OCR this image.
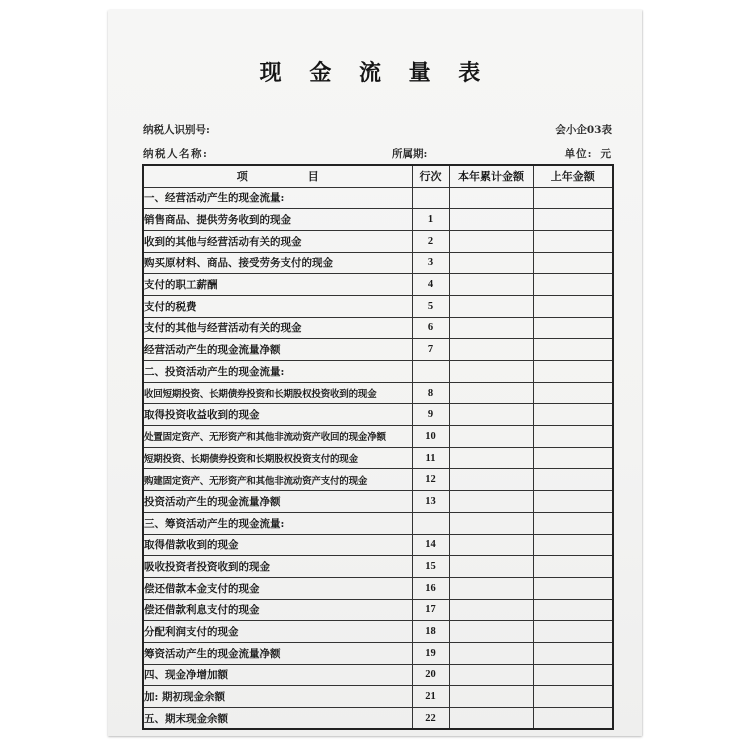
现 金 流 量 表
纳税人识别号:	会小企03表
纳税人名称:	所属期:	单位: 元
项 目	行次	本年累计金额	上年金额
一、经营活动产生的现金流量:			
销售商品、提供劳务收到的现金	1		
收到的其他与经营活动有关的现金	2		
购买原材料、商品、接受劳务支付的现金	3		
支付的职工薪酬	4		
支付的税费	5		
支付的其他与经营活动有关的现金	6		
经营活动产生的现金流量净额	7		
二、投资活动产生的现金流量:			
收回短期投资、长期债券投资和长期股权投资收到的现金	8		
取得投资收益收到的现金	9		
处置固定资产、无形资产和其他非流动资产收回的现金净额	10		
短期投资、长期债券投资和长期股权投资支付的现金	11		
购建固定资产、无形资产和其他非流动资产支付的现金	12		
投资活动产生的现金流量净额	13		
三、筹资活动产生的现金流量:			
取得借款收到的现金	14		
吸收投资者投资收到的现金	15		
偿还借款本金支付的现金	16		
偿还借款利息支付的现金	17		
分配利润支付的现金	18		
筹资活动产生的现金流量净额	19		
四、现金净增加额	20		
加: 期初现金余额	21		
五、期末现金余额	22		
